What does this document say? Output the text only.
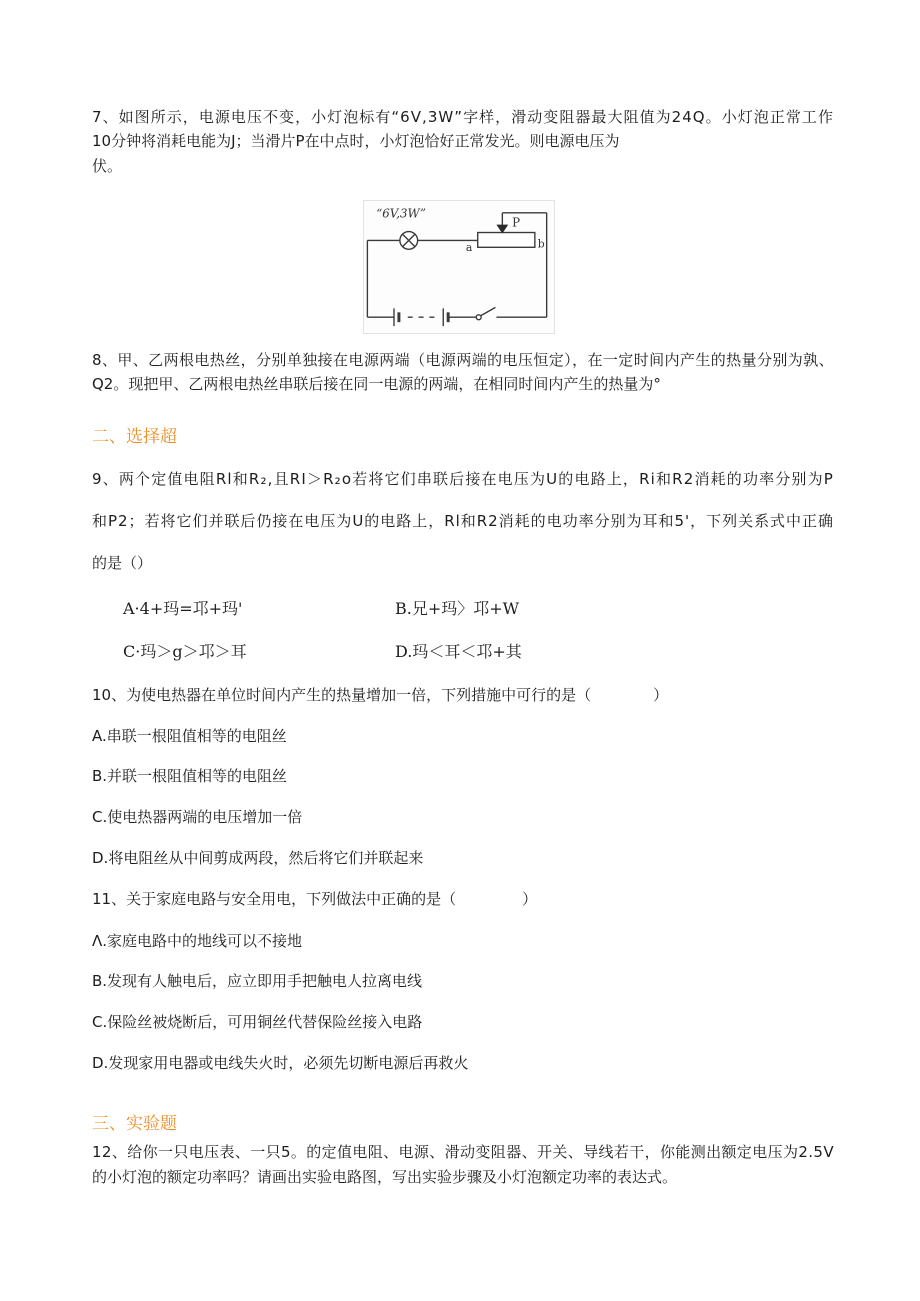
7、如图所示，电源电压不变，小灯泡标有“6V,3W”字样，滑动变阻器最大阻值为24Q。小灯泡正常工作
10分钟将消耗电能为J；当滑片P在中点时，小灯泡恰好正常发光。则电源电压为
伏。
“6V,3W”
P
a	b
8、甲、乙两根电热丝，分别单独接在电源两端（电源两端的电压恒定），在一定时间内产生的热量分别为孰、
Q2。现把甲、乙两根电热丝串联后接在同一电源的两端，在相同时间内产生的热量为°
二、选择超
9、两个定值电阻Rl和R₂,且RI＞R₂o若将它们串联后接在电压为U的电路上，Ri和R2消耗的功率分别为P
和P2；若将它们并联后仍接在电压为U的电路上，Rl和R2消耗的电功率分别为耳和5'，下列关系式中正确
的是（）
A·4+玛=邛+玛'	B.兄+玛〉邛+W
C·玛＞g＞邛＞耳	D.玛＜耳＜邛+其
10、为使电热器在单位时间内产生的热量增加一倍，下列措施中可行的是（	）
A.串联一根阻值相等的电阻丝
B.并联一根阻值相等的电阻丝
C.使电热器两端的电压增加一倍
D.将电阻丝从中间剪成两段，然后将它们并联起来
11、关于家庭电路与安全用电，下列做法中正确的是（	）
Λ.家庭电路中的地线可以不接地
B.发现有人触电后，应立即用手把触电人拉离电线
C.保险丝被烧断后，可用铜丝代替保险丝接入电路
D.发现家用电器或电线失火时，必须先切断电源后再救火
三、实验题
12、给你一只电压表、一只5。的定值电阻、电源、滑动变阻器、开关、导线若干，你能测出额定电压为2.5V
的小灯泡的额定功率吗？请画出实验电路图，写出实验步骤及小灯泡额定功率的表达式。
